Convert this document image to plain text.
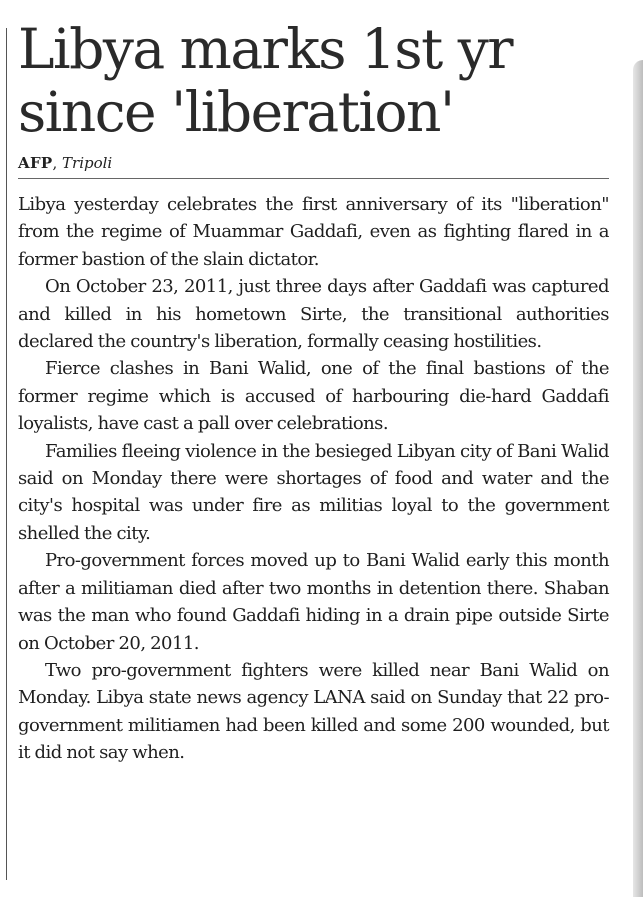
Libya marks 1st yr
since 'liberation'
AFP, Tripoli

Libya yesterday celebrates the first anniversary of its "liberation" from the regime of Muammar Gaddafi, even as fighting flared in a former bastion of the slain dictator.

On October 23, 2011, just three days after Gaddafi was captured and killed in his hometown Sirte, the transitional authorities declared the country's liberation, formally ceasing hostilities.

Fierce clashes in Bani Walid, one of the final bastions of the former regime which is accused of harbouring die-hard Gaddafi loyalists, have cast a pall over celebrations.

Families fleeing violence in the besieged Libyan city of Bani Walid said on Monday there were shortages of food and water and the city's hospital was under fire as militias loyal to the government shelled the city.

Pro-government forces moved up to Bani Walid early this month after a militiaman died after two months in detention there. Shaban was the man who found Gaddafi hiding in a drain pipe outside Sirte on October 20, 2011.

Two pro-government fighters were killed near Bani Walid on Monday. Libya state news agency LANA said on Sunday that 22 pro-government militiamen had been killed and some 200 wounded, but it did not say when.
